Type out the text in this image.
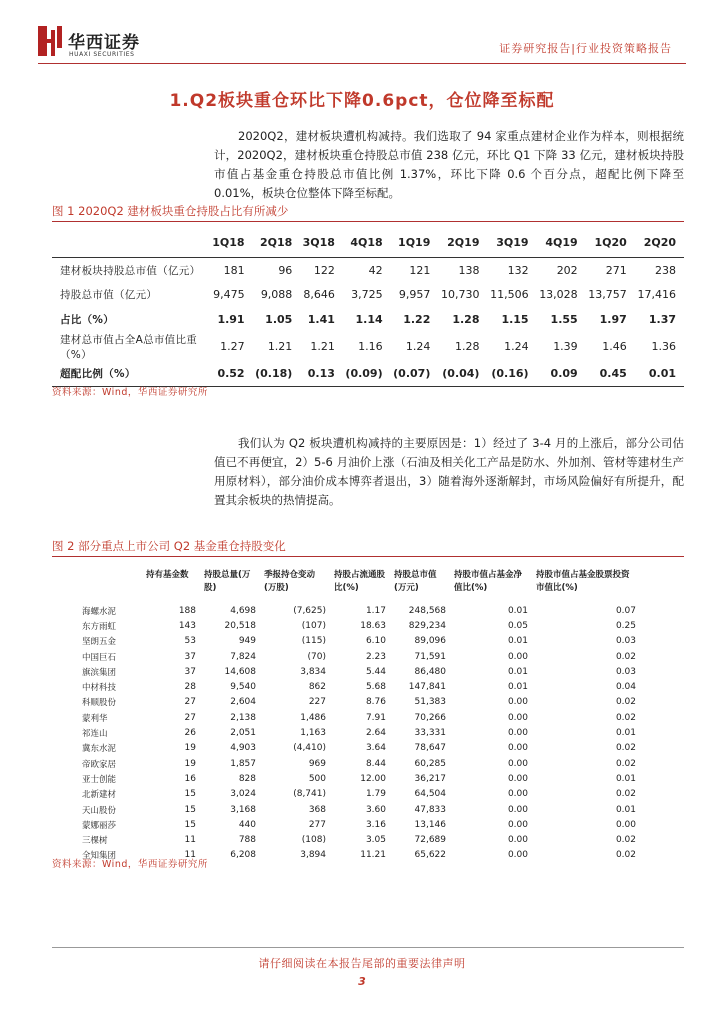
华西证券
HUAXI SECURITIES	证券研究报告|行业投资策略报告
1.Q2板块重仓环比下降0.6pct，仓位降至标配

2020Q2，建材板块遭机构减持。我们选取了 94 家重点建材企业作为样本，则根据统计，2020Q2，建材板块重仓持股总市值 238 亿元，环比 Q1 下降 33 亿元，建材板块持股市值占基金重仓持股总市值比例 1.37%，环比下降 0.6 个百分点，超配比例下降至 0.01%，板块仓位整体下降至标配。

图 1 2020Q2 建材板块重仓持股占比有所减少
	1Q18	2Q18	3Q18	4Q18	1Q19	2Q19	3Q19	4Q19	1Q20	2Q20
建材板块持股总市值（亿元）	181	96	122	42	121	138	132	202	271	238
持股总市值（亿元）	9,475	9,088	8,646	3,725	9,957	10,730	11,506	13,028	13,757	17,416
占比（%）	1.91	1.05	1.41	1.14	1.22	1.28	1.15	1.55	1.97	1.37
建材总市值占全A总市值比重（%）	1.27	1.21	1.21	1.16	1.24	1.28	1.24	1.39	1.46	1.36
超配比例（%）	0.52	(0.18)	0.13	(0.09)	(0.07)	(0.04)	(0.16)	0.09	0.45	0.01
资料来源：Wind，华西证券研究所

我们认为 Q2 板块遭机构减持的主要原因是：1）经过了 3-4 月的上涨后，部分公司估值已不再便宜，2）5-6 月油价上涨（石油及相关化工产品是防水、外加剂、管材等建材生产用原材料），部分油价成本博弈者退出，3）随着海外逐渐解封，市场风险偏好有所提升，配置其余板块的热情提高。

图 2 部分重点上市公司 Q2 基金重仓持股变化
	持有基金数	持股总量(万股)	季报持仓变动(万股)	持股占流通股比(%)	持股总市值(万元)	持股市值占基金净值比(%)	持股市值占基金股票投资市值比(%)
海螺水泥	188	4,698	(7,625)	1.17	248,568	0.01	0.07
东方雨虹	143	20,518	(107)	18.63	829,234	0.05	0.25
坚朗五金	53	949	(115)	6.10	89,096	0.01	0.03
中国巨石	37	7,824	(70)	2.23	71,591	0.00	0.02
旗滨集团	37	14,608	3,834	5.44	86,480	0.01	0.03
中材科技	28	9,540	862	5.68	147,841	0.01	0.04
科顺股份	27	2,604	227	8.76	51,383	0.00	0.02
蒙利华	27	2,138	1,486	7.91	70,266	0.00	0.02
祁连山	26	2,051	1,163	2.64	33,331	0.00	0.01
冀东水泥	19	4,903	(4,410)	3.64	78,647	0.00	0.02
帝欧家居	19	1,857	969	8.44	60,285	0.00	0.02
亚士创能	16	828	500	12.00	36,217	0.00	0.01
北新建材	15	3,024	(8,741)	1.79	64,504	0.00	0.02
天山股份	15	3,168	368	3.60	47,833	0.00	0.01
蒙娜丽莎	15	440	277	3.16	13,146	0.00	0.00
三棵树	11	788	(108)	3.05	72,689	0.00	0.02
全知集团	11	6,208	3,894	11.21	65,622	0.00	0.02
资料来源：Wind，华西证券研究所
请仔细阅读在本报告尾部的重要法律声明
3
